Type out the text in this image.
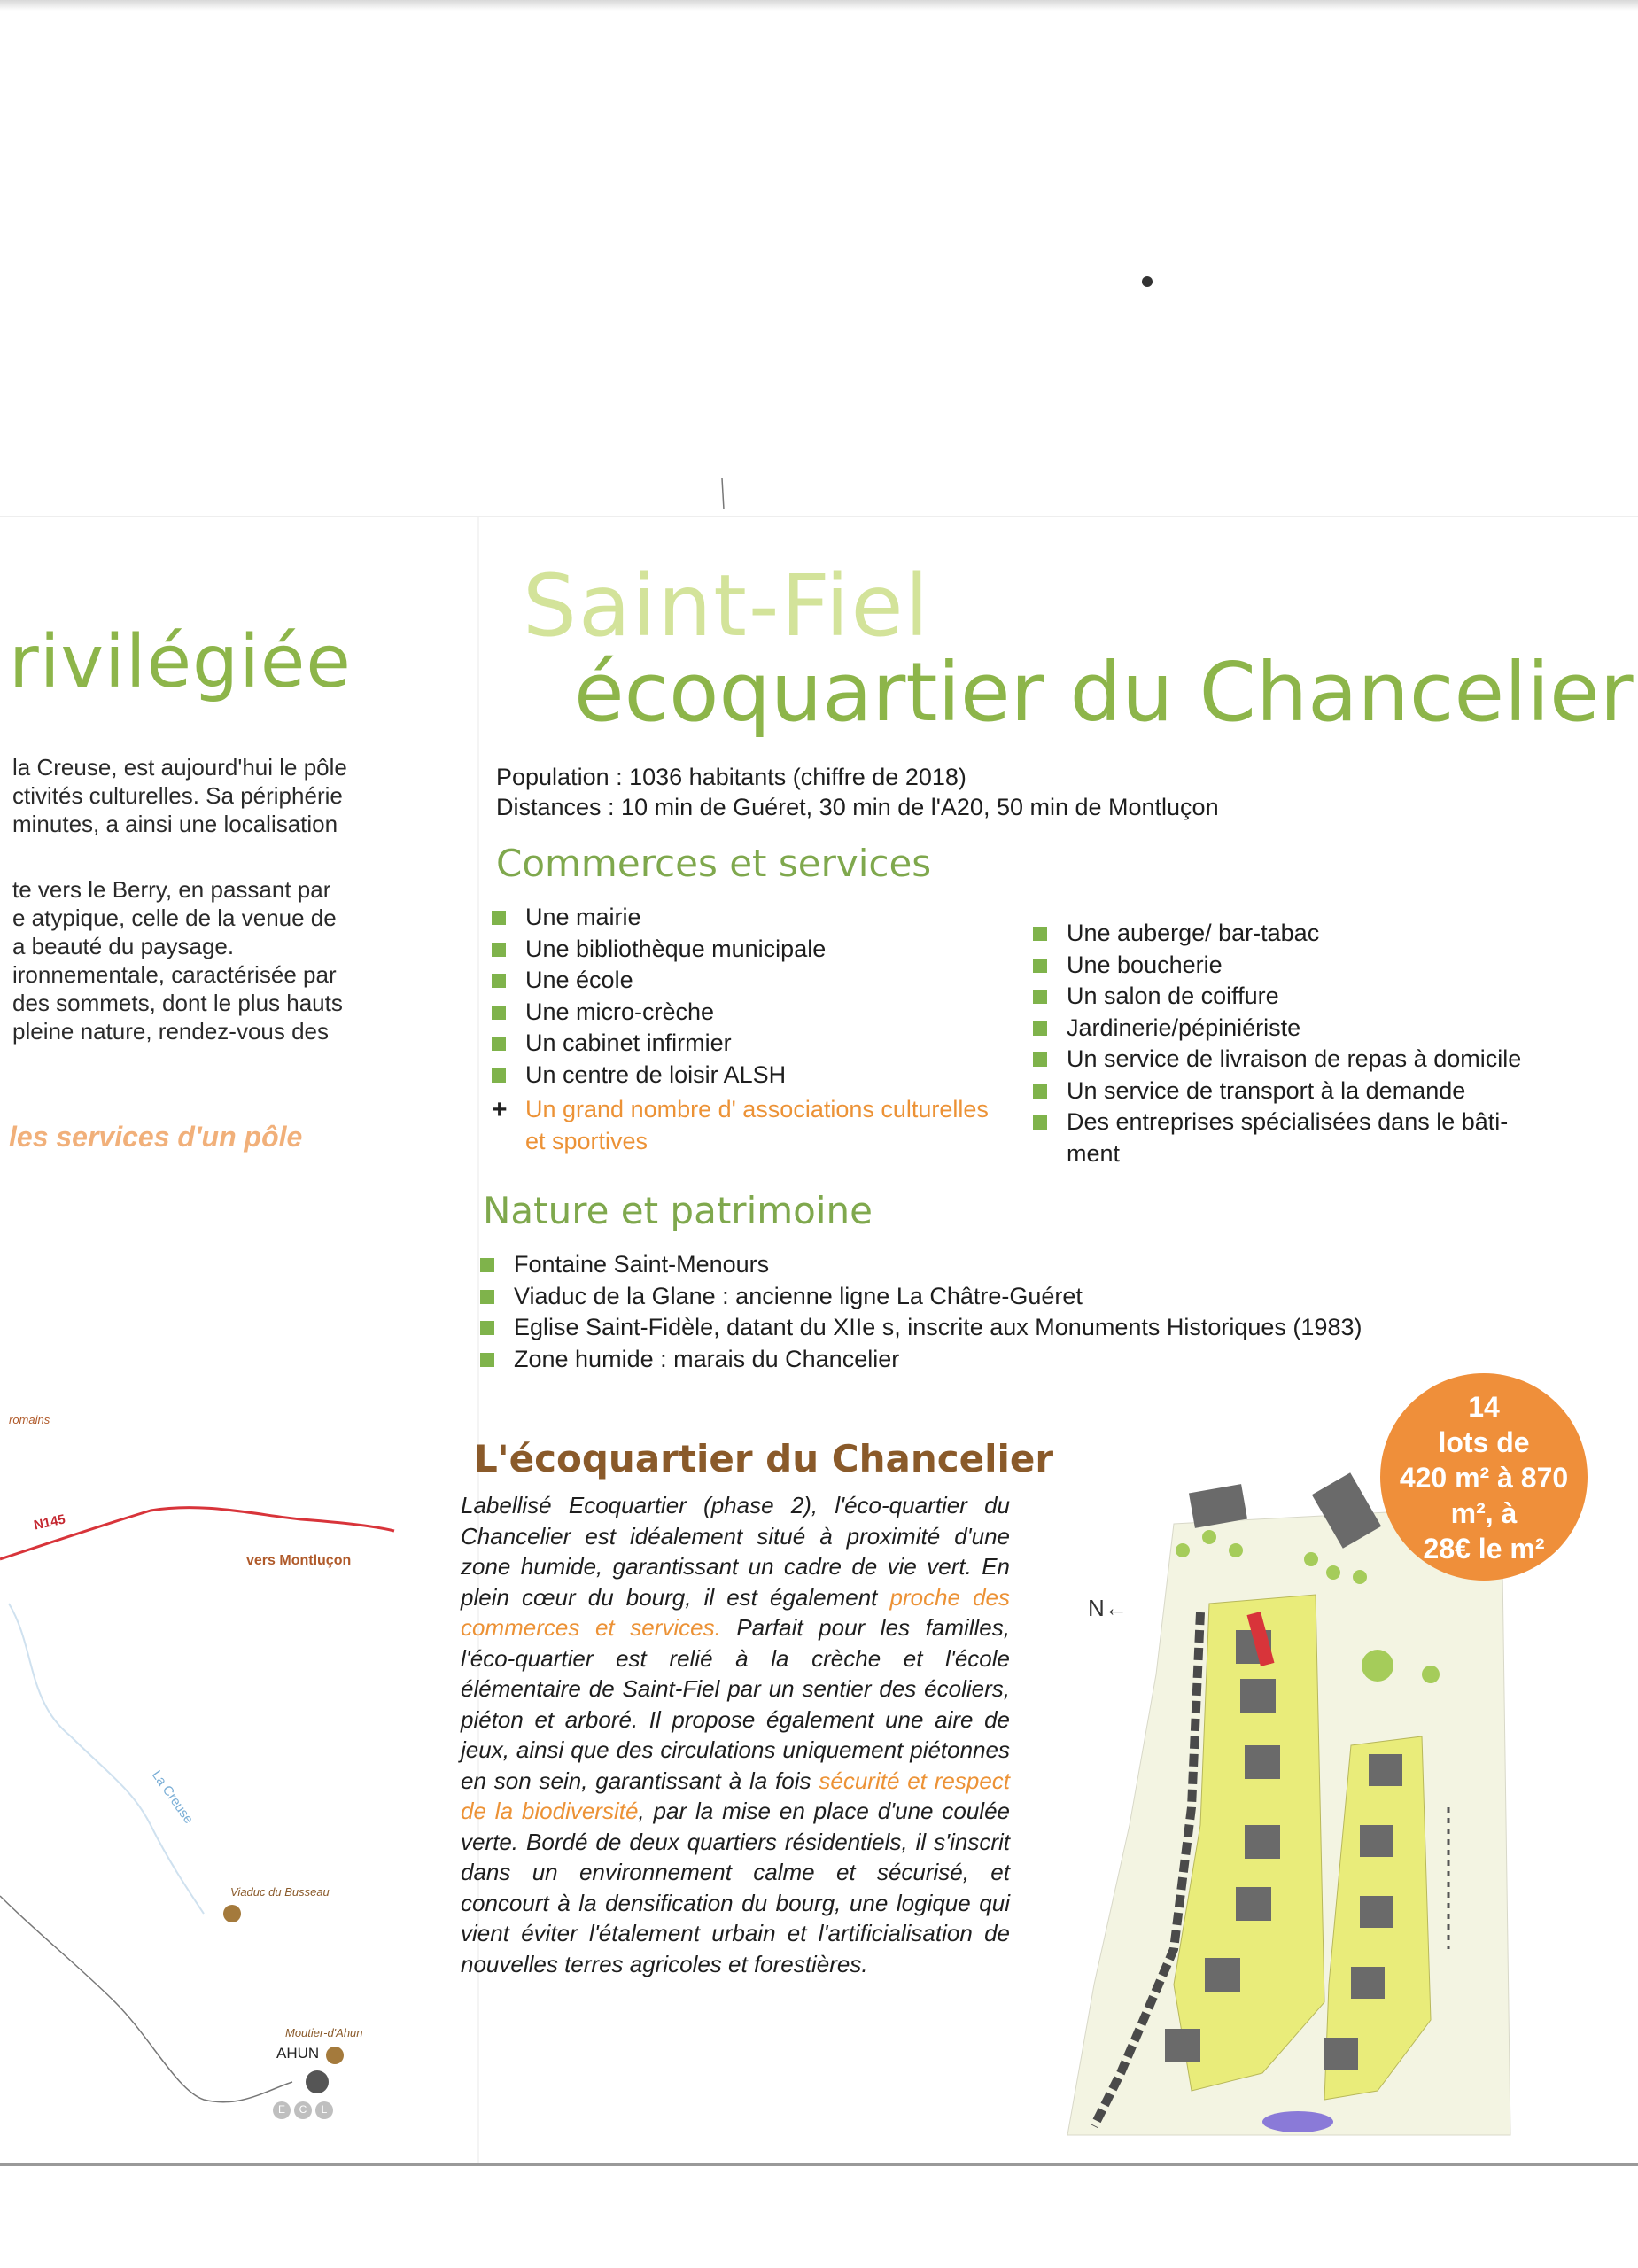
rivilégiée
la Creuse, est aujourd'hui le pôle
ctivités culturelles. Sa périphérie
minutes, a ainsi une localisation
te vers le Berry, en passant par
e atypique, celle de la venue de
a beauté du paysage.
ironnementale, caractérisée par
des sommets, dont le plus hauts
pleine nature, rendez-vous des
les services d'un pôle
romains
N145
vers Montluçon
La Creuse
Viaduc du Busseau
Moutier-d'Ahun
AHUN
E C L
Saint-Fiel
écoquartier du Chancelier
Population : 1036 habitants (chiffre de 2018)
Distances : 10 min de Guéret, 30 min de l'A20, 50 min de Montluçon
Commerces et services
Une mairie
Une bibliothèque municipale
Une école
Une micro-crèche
Un cabinet infirmier
Un centre de loisir ALSH
+ Un grand nombre d' associations culturelles
et sportives
Une auberge/ bar-tabac
Une boucherie
Un salon de coiffure
Jardinerie/pépiniériste
Un service de livraison de repas à domicile
Un service de transport à la demande
Des entreprises spécialisées dans le bâti-
ment
Nature et patrimoine
Fontaine Saint-Menours
Viaduc de la Glane : ancienne ligne La Châtre-Guéret
Eglise Saint-Fidèle, datant du XIIe s, inscrite aux Monuments Historiques (1983)
Zone humide : marais du Chancelier
L'écoquartier du Chancelier
Labellisé Ecoquartier (phase 2), l'éco-quartier du Chancelier est idéalement situé à proximité d'une zone humide, garantissant un cadre de vie vert. En plein cœur du bourg, il est également proche des commerces et services. Parfait pour les familles, l'éco-quartier est relié à la crèche et l'école élémentaire de Saint-Fiel par un sentier des écoliers, piéton et arboré. Il propose également une aire de jeux, ainsi que des circulations uniquement piétonnes en son sein, garantissant à la fois sécurité et respect de la biodiversité, par la mise en place d'une coulée verte. Bordé de deux quartiers résidentiels, il s'inscrit dans un environnement calme et sécurisé, et concourt à la densification du bourg, une logique qui vient éviter l'étalement urbain et l'artificialisation de nouvelles terres agricoles et forestières.
N←
14
lots de
420 m² à 870
m², à
28€ le m²
